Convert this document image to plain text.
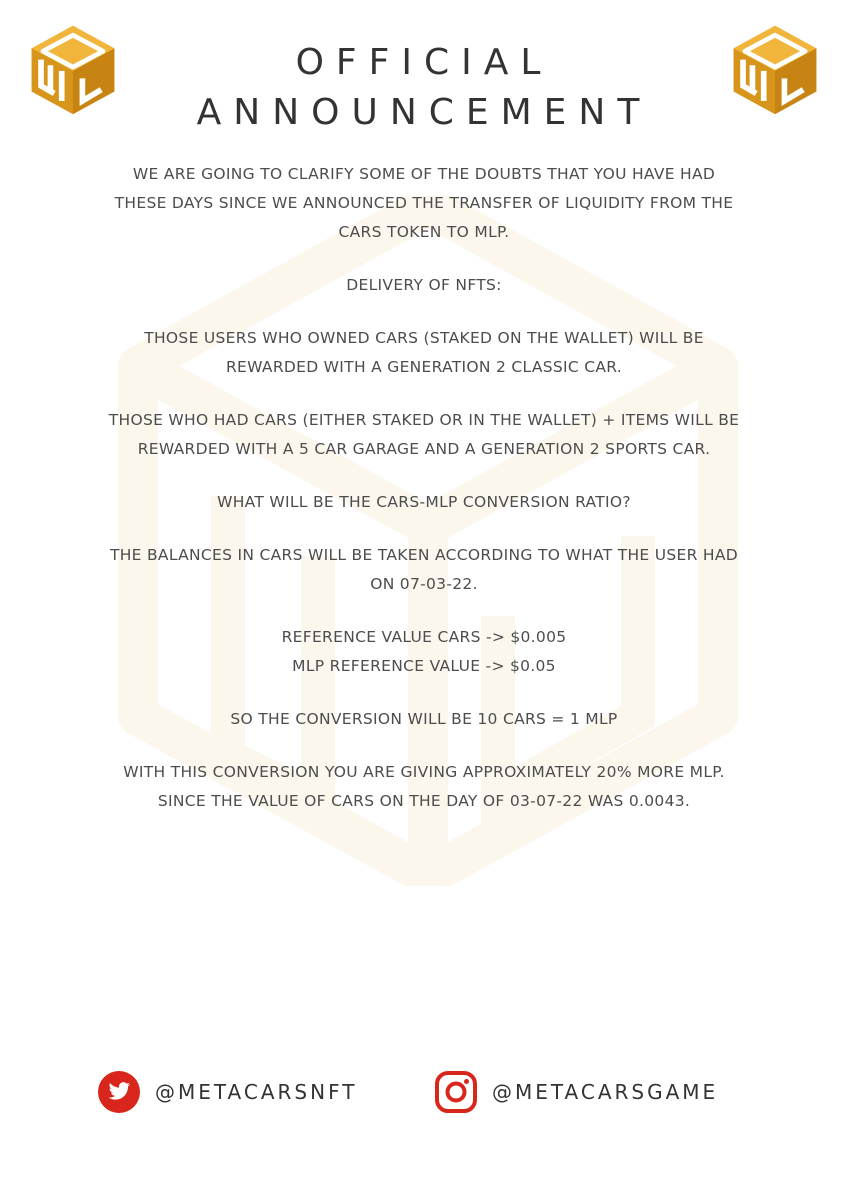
OFFICIAL
ANNOUNCEMENT

WE ARE GOING TO CLARIFY SOME OF THE DOUBTS THAT YOU HAVE HAD
THESE DAYS SINCE WE ANNOUNCED THE TRANSFER OF LIQUIDITY FROM THE
CARS TOKEN TO MLP.

DELIVERY OF NFTS:

THOSE USERS WHO OWNED CARS (STAKED ON THE WALLET) WILL BE
REWARDED WITH A GENERATION 2 CLASSIC CAR.

THOSE WHO HAD CARS (EITHER STAKED OR IN THE WALLET) + ITEMS WILL BE
REWARDED WITH A 5 CAR GARAGE AND A GENERATION 2 SPORTS CAR.

WHAT WILL BE THE CARS-MLP CONVERSION RATIO?

THE BALANCES IN CARS WILL BE TAKEN ACCORDING TO WHAT THE USER HAD
ON 07-03-22.

REFERENCE VALUE CARS -> $0.005
MLP REFERENCE VALUE -> $0.05

SO THE CONVERSION WILL BE 10 CARS = 1 MLP

WITH THIS CONVERSION YOU ARE GIVING APPROXIMATELY 20% MORE MLP.
SINCE THE VALUE OF CARS ON THE DAY OF 03-07-22 WAS 0.0043.

@METACARSNFT	@METACARSGAME
